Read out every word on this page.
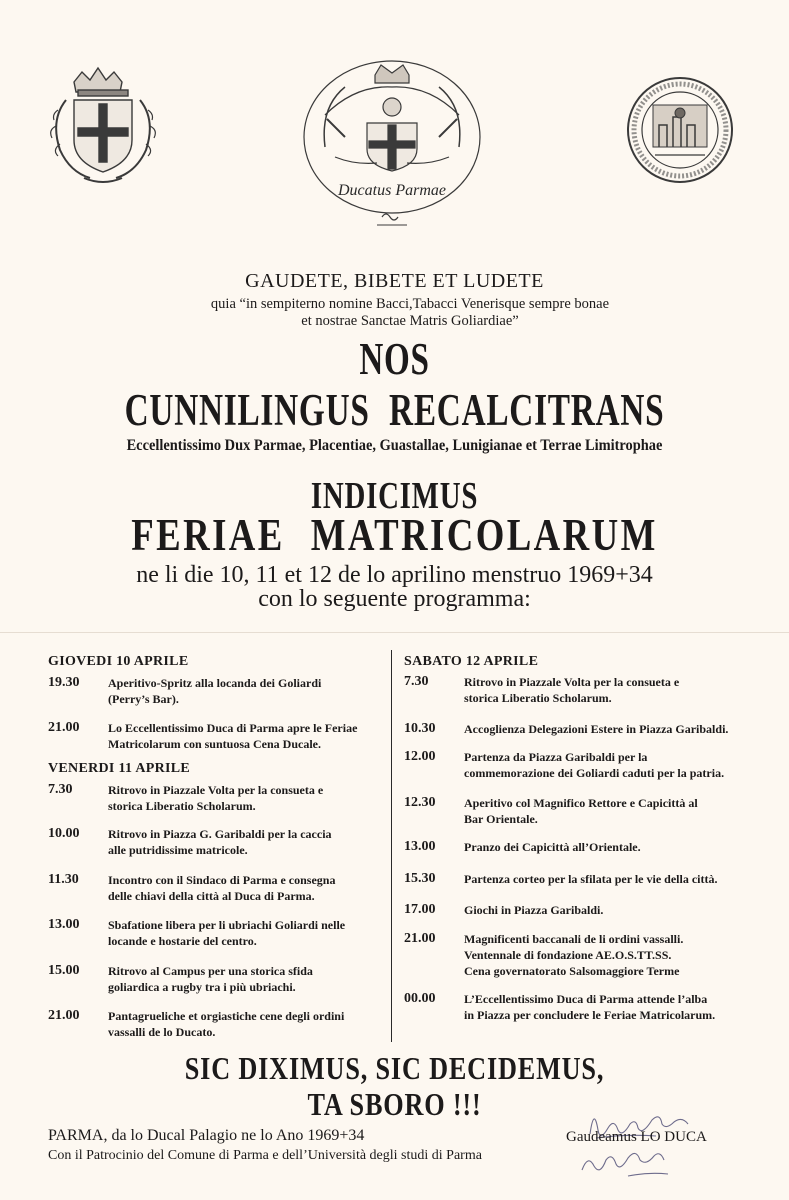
Ducatus Parmae
GAUDETE, BIBETE ET LUDETE
quia “in sempiterno nomine Bacci,Tabacci Venerisque sempre bonae
et nostrae Sanctae Matris Goliardiae”
NOS
CUNNILINGUS RECALCITRANS
Eccellentissimo Dux Parmae, Placentiae, Guastallae, Lunigianae et Terrae Limitrophae
INDICIMUS
FERIAE MATRICOLARUM
ne li die 10, 11 et 12 de lo aprilino menstruo 1969+34
con lo seguente programma:
GIOVEDI 10 APRILE
19.30	Aperitivo-Spritz alla locanda dei Goliardi
(Perry’s Bar).
21.00	Lo Eccellentissimo Duca di Parma apre le Feriae
Matricolarum con suntuosa Cena Ducale.
VENERDI 11 APRILE
7.30	Ritrovo in Piazzale Volta per la consueta e
storica Liberatio Scholarum.
10.00	Ritrovo in Piazza G. Garibaldi per la caccia
alle putridissime matricole.
11.30	Incontro con il Sindaco di Parma e consegna
delle chiavi della città al Duca di Parma.
13.00	Sbafatione libera per li ubriachi Goliardi nelle
locande e hostarie del centro.
15.00	Ritrovo al Campus per una storica sfida
goliardica a rugby tra i più ubriachi.
21.00	Pantagrueliche et orgiastiche cene degli ordini
vassalli de lo Ducato.
SABATO 12 APRILE
7.30	Ritrovo in Piazzale Volta per la consueta e
storica Liberatio Scholarum.
10.30	Accoglienza Delegazioni Estere in Piazza Garibaldi.
12.00	Partenza da Piazza Garibaldi per la
commemorazione dei Goliardi caduti per la patria.
12.30	Aperitivo col Magnifico Rettore e Capicittà al
Bar Orientale.
13.00	Pranzo dei Capicittà all’Orientale.
15.30	Partenza corteo per la sfilata per le vie della città.
17.00	Giochi in Piazza Garibaldi.
21.00	Magnificenti baccanali de li ordini vassalli.
Ventennale di fondazione AE.O.S.TT.SS.
Cena governatorato Salsomaggiore Terme
00.00	L’Eccellentissimo Duca di Parma attende l’alba
in Piazza per concludere le Feriae Matricolarum.
SIC DIXIMUS, SIC DECIDEMUS,
TA SBORO !!!
PARMA, da lo Ducal Palagio ne lo Ano 1969+34
Con il Patrocinio del Comune di Parma e dell’Università degli studi di Parma
Gaudeamus LO DUCA
